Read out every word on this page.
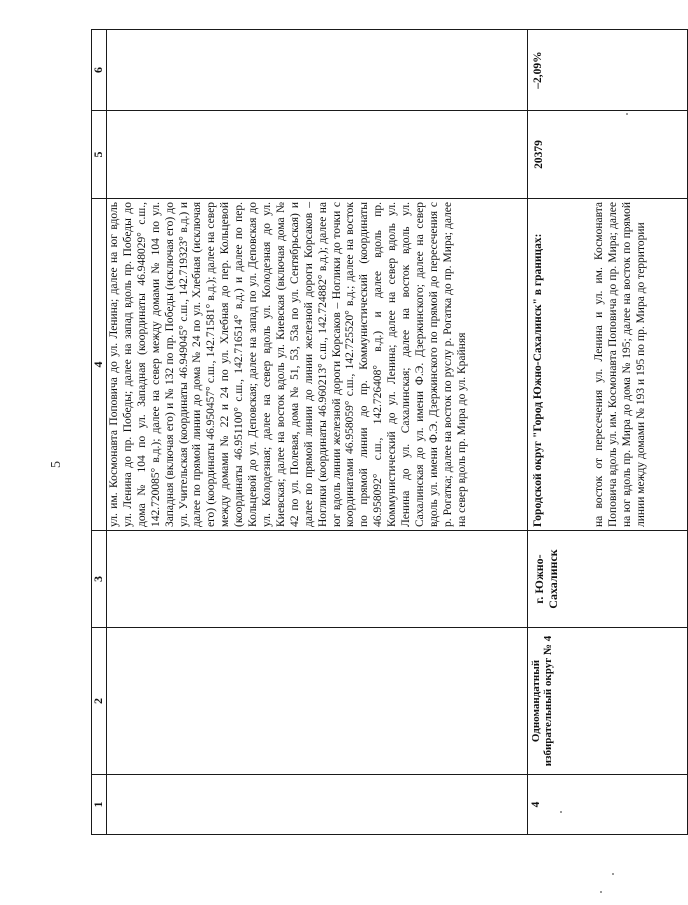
5
1	2	3	4	5	6

			ул. им. Космонавта Поповича до ул. Ленина; далее на юг вдоль ул. Ленина до пр. Победы; далее на запад вдоль пр. Победы до дома № 104 по ул. Западная (координаты 46.948029° с.ш., 142.720085° в.д.); далее на север между домами № 104 по ул. Западная (включая его) и № 132 по пр. Победы (исключая его) до ул. Учительская (координаты 46.949045° с.ш., 142.719323° в.д.) и далее по прямой линии до дома № 24 по ул. Хлебная (исключая его) (координаты 46.950457° с.ш., 142.71581° в.д.); далее на север между домами № 22 и 24 по ул. Хлебная до пер. Кольцевой (координаты 46.951100° с.ш., 142.716514° в.д.) и далее по пер. Кольцевой до ул. Деповская; далее на запад по ул. Деповская до ул. Колодезная; далее на север вдоль ул. Колодезная до ул. Киевская; далее на восток вдоль ул. Киевская (включая дома № 42 по ул. Полевая, дома № 51, 53, 53а по ул. Сентябрьская) и далее по прямой линии до линии железной дороги Корсаков – Ноглики (координаты 46.960213° с.ш., 142.724882° в.д.); далее на юг вдоль линии железной дороги Корсаков – Ноглики до точки с координатами 46.958059° с.ш., 142.725520° в.д.; далее на восток по прямой линии до пр. Коммунистический (координаты 46.958092° с.ш., 142.726408° в.д.) и далее вдоль пр. Коммунистический до ул. Ленина; далее на север вдоль ул. Ленина до ул. Сахалинская; далее на восток вдоль ул. Сахалинская до ул. имени Ф.Э. Дзержинского; далее на север вдоль ул. имени Ф.Э. Дзержинского по прямой до пересечения с р. Рогатка; далее на восток по руслу р. Рогатка до пр. Мира; далее на север вдоль пр. Мира до ул. Крайняя		

4	Одномандатный избирательный округ № 4	г. Южно-Сахалинск	Городской округ "Город Южно-Сахалинск" в границах: на восток от пересечения ул. Ленина и ул. им. Космонавта Поповича вдоль ул. им. Космонавта Поповича до пр. Мира; далее на юг вдоль пр. Мира до дома № 195; далее на восток по прямой линии между домами № 193 и 195 по пр. Мира до территории	20379	–2,09%
